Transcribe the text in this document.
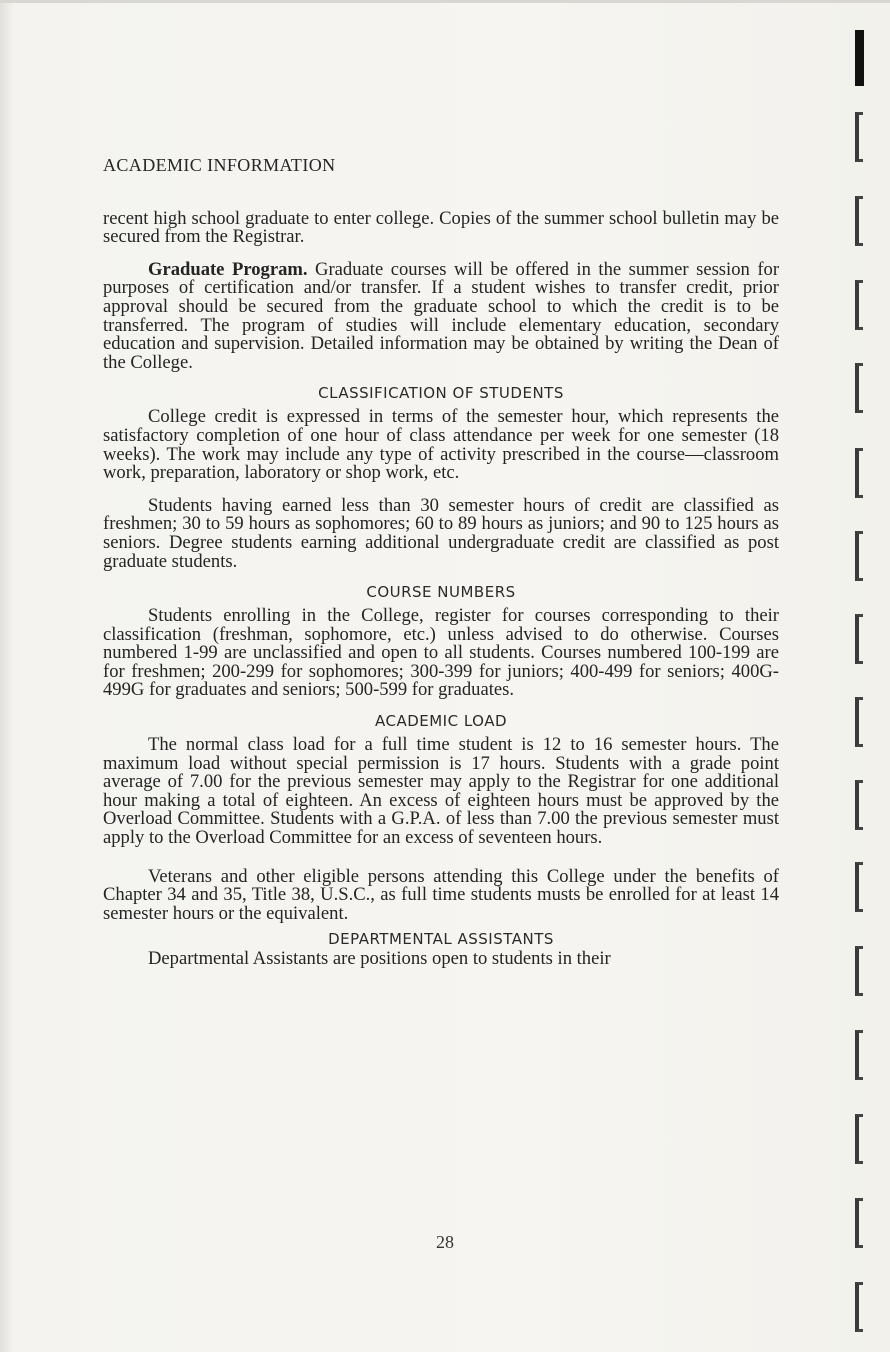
ACADEMIC INFORMATION

recent high school graduate to enter college. Copies of the summer school bulletin may be secured from the Registrar.

Graduate Program. Graduate courses will be offered in the summer session for purposes of certification and/or transfer. If a student wishes to transfer credit, prior approval should be secured from the graduate school to which the credit is to be transferred. The program of studies will include elementary education, secondary education and supervision. Detailed information may be obtained by writing the Dean of the College.

CLASSIFICATION OF STUDENTS

College credit is expressed in terms of the semester hour, which represents the satisfactory completion of one hour of class attendance per week for one semester (18 weeks). The work may include any type of activity prescribed in the course—classroom work, preparation, laboratory or shop work, etc.

Students having earned less than 30 semester hours of credit are classified as freshmen; 30 to 59 hours as sophomores; 60 to 89 hours as juniors; and 90 to 125 hours as seniors. Degree students earning additional undergraduate credit are classified as post graduate students.

COURSE NUMBERS

Students enrolling in the College, register for courses corresponding to their classification (freshman, sophomore, etc.) unless advised to do otherwise. Courses numbered 1-99 are unclassified and open to all students. Courses numbered 100-199 are for freshmen; 200-299 for sophomores; 300-399 for juniors; 400-499 for seniors; 400G-499G for graduates and seniors; 500-599 for graduates.

ACADEMIC LOAD

The normal class load for a full time student is 12 to 16 semester hours. The maximum load without special permission is 17 hours. Students with a grade point average of 7.00 for the previous semester may apply to the Registrar for one additional hour making a total of eighteen. An excess of eighteen hours must be approved by the Overload Committee. Students with a G.P.A. of less than 7.00 the previous semester must apply to the Overload Committee for an excess of seventeen hours.

Veterans and other eligible persons attending this College under the benefits of Chapter 34 and 35, Title 38, U.S.C., as full time students musts be enrolled for at least 14 semester hours or the equivalent.

DEPARTMENTAL ASSISTANTS

Departmental Assistants are positions open to students in their

28
